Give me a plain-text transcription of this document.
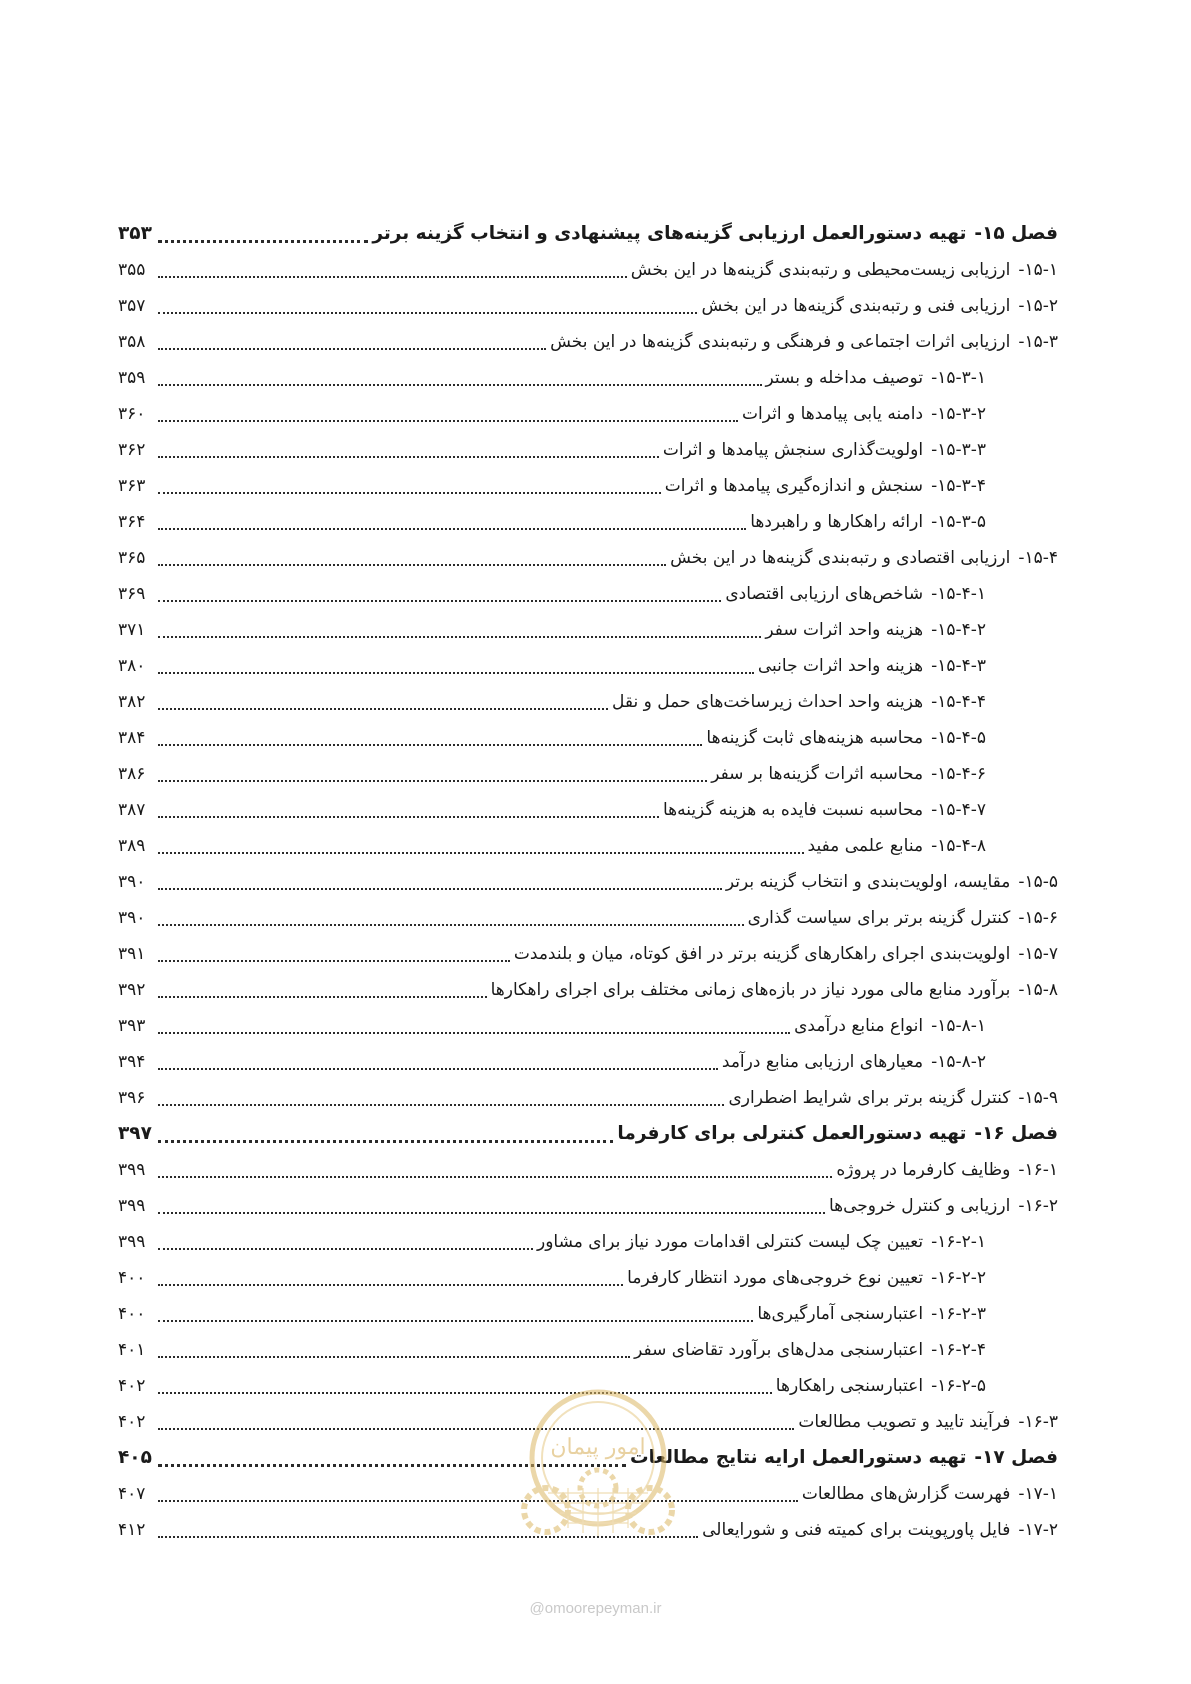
فصل ۱۵-
تهیه دستورالعمل ارزیابی گزینه‌های پیشنهادی و انتخاب گزینه برتر
۳۵۳
۱۵-۱-
ارزیابی زیست‌محیطی و رتبه‌بندی گزینه‌ها در این بخش
۳۵۵
۱۵-۲-
ارزیابی فنی و رتبه‌بندی گزینه‌ها در این بخش
۳۵۷
۱۵-۳-
ارزیابی اثرات اجتماعی و فرهنگی و رتبه‌بندی گزینه‌ها در این بخش
۳۵۸
۱۵-۳-۱-
توصیف مداخله و بستر
۳۵۹
۱۵-۳-۲-
دامنه یابی پیامدها و اثرات
۳۶۰
۱۵-۳-۳-
اولویت‌گذاری سنجش پیامدها و اثرات
۳۶۲
۱۵-۳-۴-
سنجش و اندازه‌گیری پیامدها و اثرات
۳۶۳
۱۵-۳-۵-
ارائه راهکارها و راهبردها
۳۶۴
۱۵-۴-
ارزیابی اقتصادی و رتبه‌بندی گزینه‌ها در این بخش
۳۶۵
۱۵-۴-۱-
شاخص‌های ارزیابی اقتصادی
۳۶۹
۱۵-۴-۲-
هزینه واحد اثرات سفر
۳۷۱
۱۵-۴-۳-
هزینه واحد اثرات جانبی
۳۸۰
۱۵-۴-۴-
هزینه واحد احداث زیرساخت‌های حمل و نقل
۳۸۲
۱۵-۴-۵-
محاسبه هزینه‌های ثابت گزینه‌ها
۳۸۴
۱۵-۴-۶-
محاسبه اثرات گزینه‌ها بر سفر
۳۸۶
۱۵-۴-۷-
محاسبه نسبت فایده به هزینه گزینه‌ها
۳۸۷
۱۵-۴-۸-
منابع علمی مفید
۳۸۹
۱۵-۵-
مقایسه، اولویت‌بندی و انتخاب گزینه برتر
۳۹۰
۱۵-۶-
کنترل گزینه برتر برای سیاست گذاری
۳۹۰
۱۵-۷-
اولویت‌بندی اجرای راهکارهای گزینه برتر در افق کوتاه، میان و بلندمدت
۳۹۱
۱۵-۸-
برآورد منابع مالی مورد نیاز در بازه‌های زمانی مختلف برای اجرای راهکارها
۳۹۲
۱۵-۸-۱-
انواع منابع درآمدی
۳۹۳
۱۵-۸-۲-
معیارهای ارزیابی منابع درآمد
۳۹۴
۱۵-۹-
کنترل گزینه برتر برای شرایط اضطراری
۳۹۶
فصل ۱۶-
تهیه دستورالعمل کنترلی برای کارفرما
۳۹۷
۱۶-۱-
وظایف کارفرما در پروژه
۳۹۹
۱۶-۲-
ارزیابی و کنترل خروجی‌ها
۳۹۹
۱۶-۲-۱-
تعیین چک لیست کنترلی اقدامات مورد نیاز برای مشاور
۳۹۹
۱۶-۲-۲-
تعیین نوع خروجی‌های مورد انتظار کارفرما
۴۰۰
۱۶-۲-۳-
اعتبارسنجی آمارگیری‌ها
۴۰۰
۱۶-۲-۴-
اعتبارسنجی مدل‌های برآورد تقاضای سفر
۴۰۱
۱۶-۲-۵-
اعتبارسنجی راهکارها
۴۰۲
۱۶-۳-
فرآیند تایید و تصویب مطالعات
۴۰۲
فصل ۱۷-
تهیه دستورالعمل ارایه نتایج مطالعات
۴۰۵
۱۷-۱-
فهرست گزارش‌های مطالعات
۴۰۷
۱۷-۲-
فایل پاورپوینت برای کمیته فنی و شورایعالی
۴۱۲
امور پیمان
@omoorepeyman.ir
